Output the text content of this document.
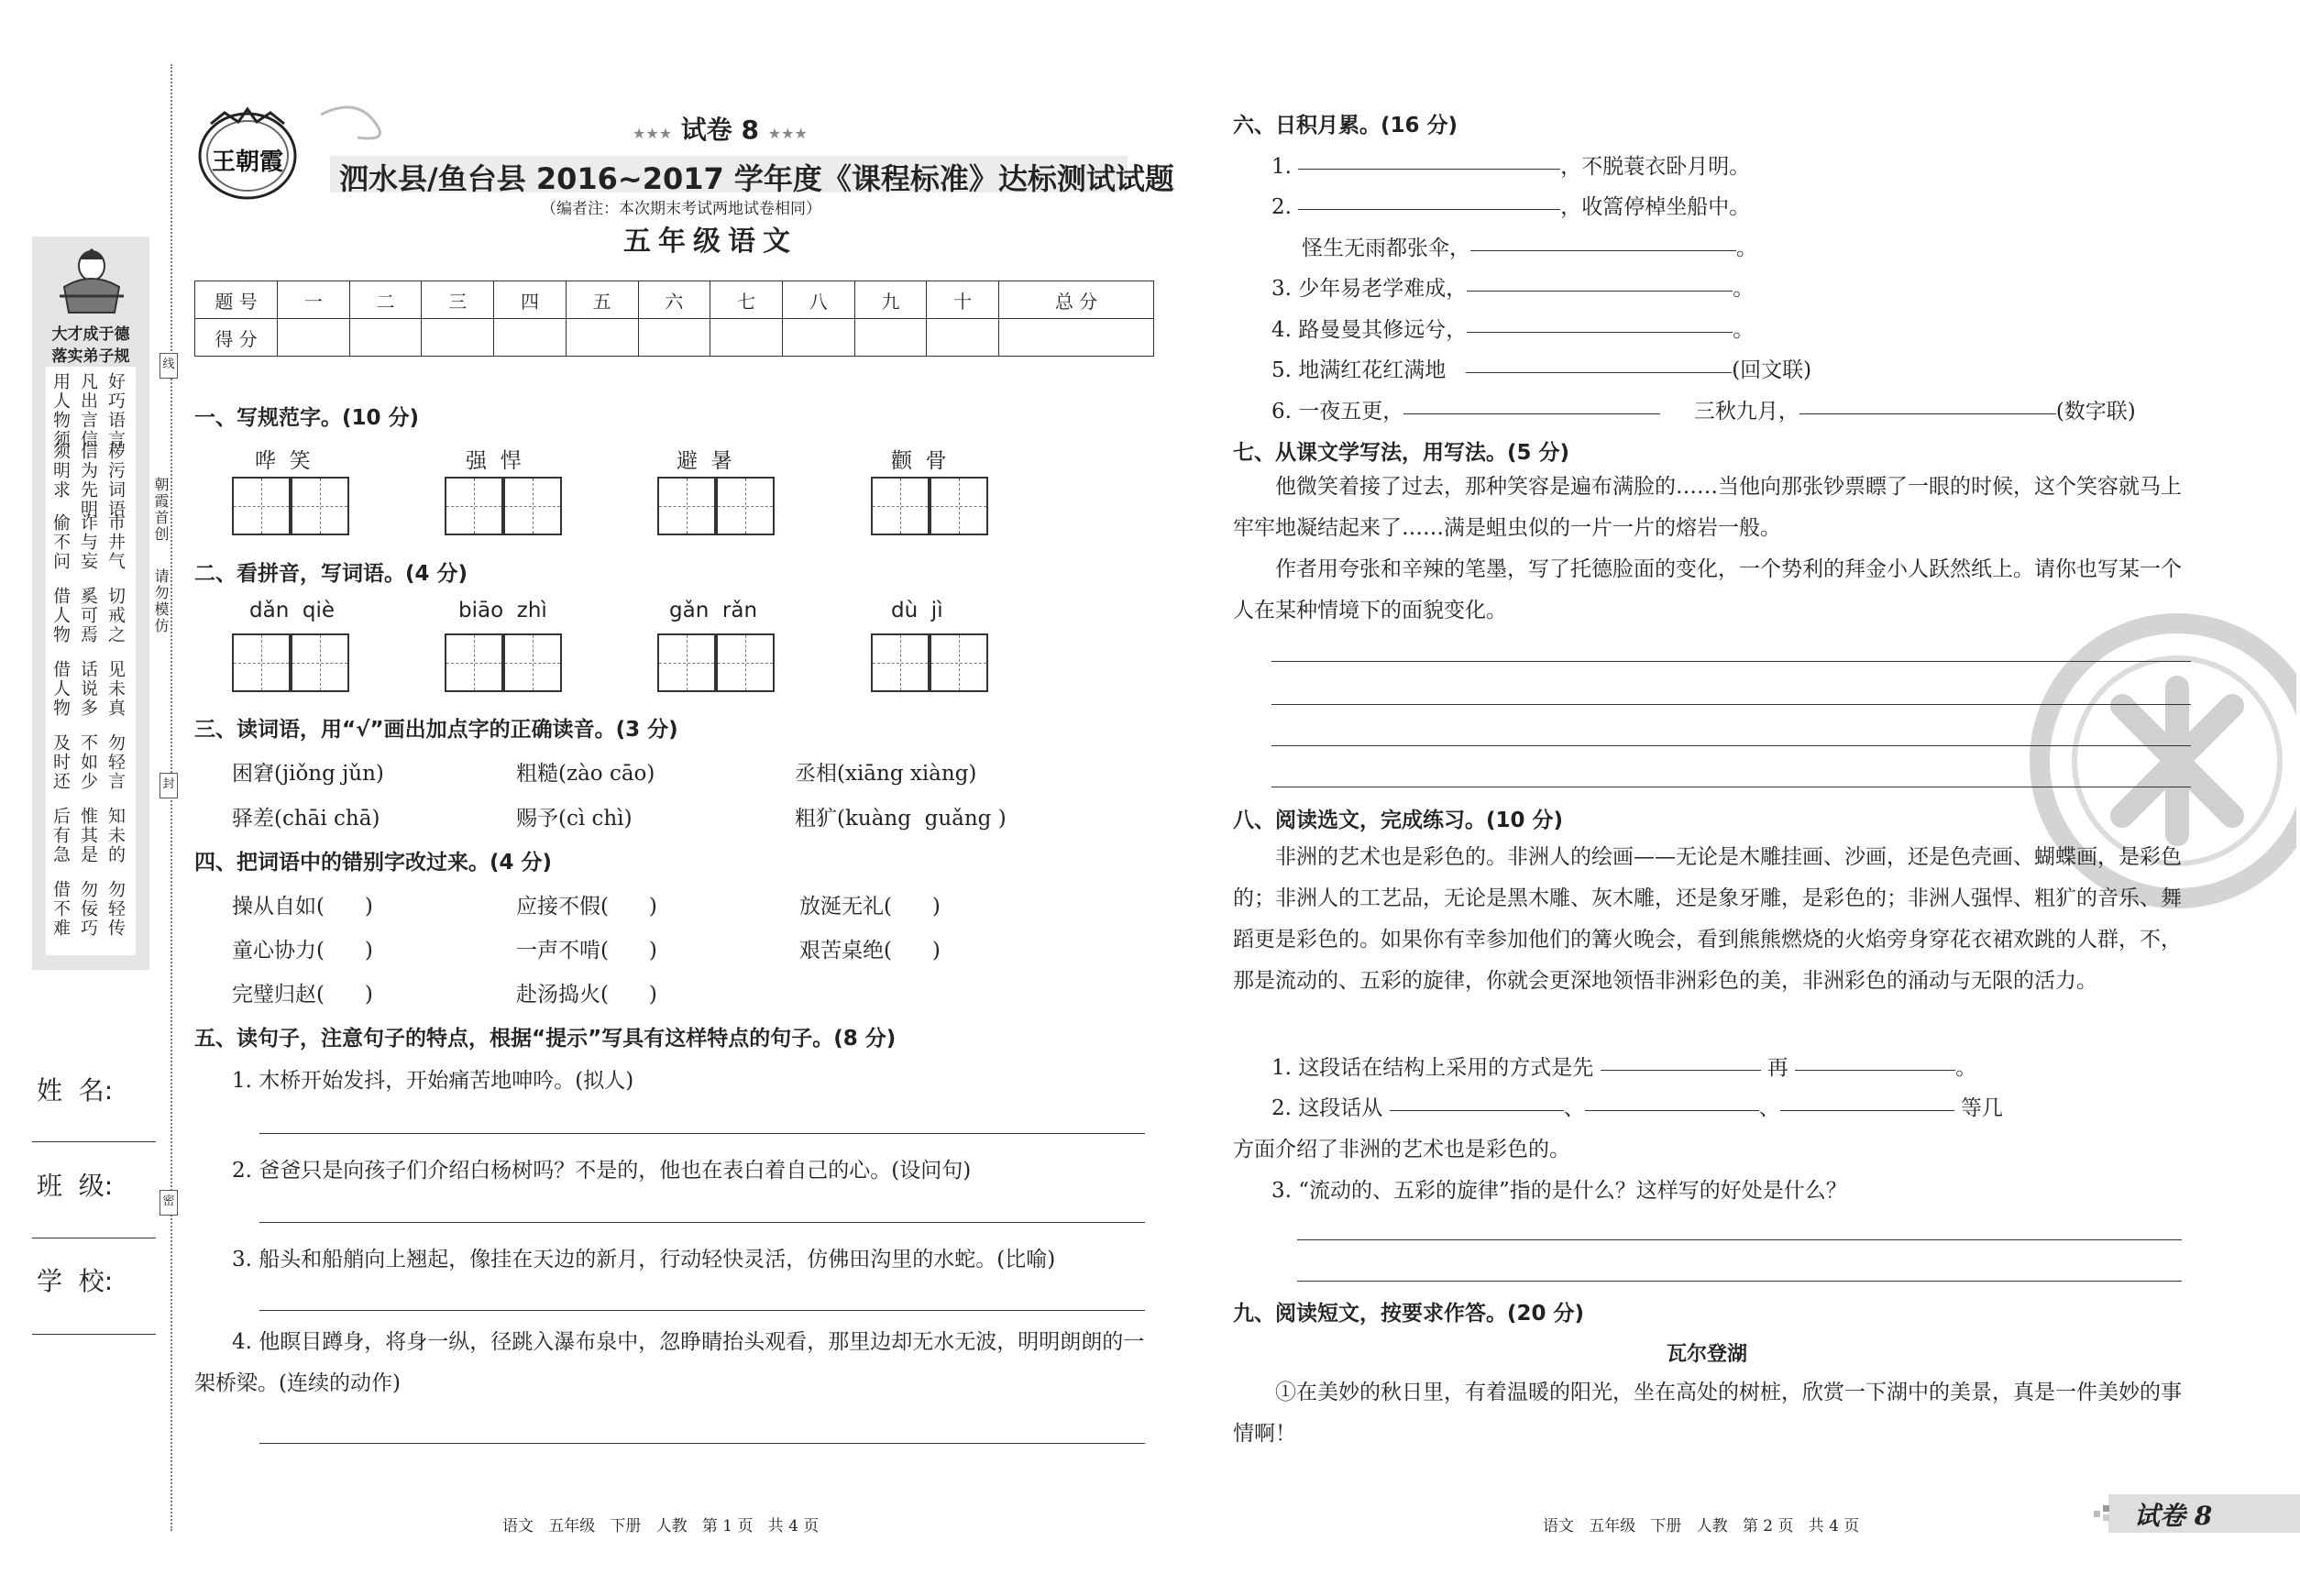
大才成于德
落实弟子规
用人物须 凡出言信 好巧语言
须明求 信为先明 秽污词语
偷不问 诈与妄 市井气
借人物 奚可焉 切戒之
借人物 话说多 见未真
及时还 不如少 勿轻言
后有急 惟其是 知未的
借不难 勿佞巧 勿轻传
朝霞首创
请勿模仿
线
封
密
姓  名:
班  级:
学  校:
王朝霞
★★★ 试卷 8 ★★★
泗水县/鱼台县 2016~2017 学年度《课程标准》达标测试试题
（编者注：本次期末考试两地试卷相同）
五年级语文
题 号	一	二	三	四	五	六	七	八	九	十	总 分
得 分											
一、写规范字。(10 分)
哗  笑	强  悍	避  暑	颧  骨
二、看拼音，写词语。(4 分)
dǎn  qiè	biāo  zhì	gǎn  rǎn	dù  jì
三、读词语，用“√”画出加点字的正确读音。(3 分)
困窘(jiǒng jǔn)	粗糙(zào cāo)	丞相(xiāng xiàng)
驿差(chāi chā)	赐予(cì chì)	粗犷(kuàng  guǎng )
四、把词语中的错别字改过来。(4 分)
操从自如(      )	应接不假(      )	放涎无礼(      )
童心协力(      )	一声不啃(      )	艰苦桌绝(      )
完璧归赵(      )	赴汤捣火(      )
五、读句子，注意句子的特点，根据“提示”写具有这样特点的句子。(8 分)
1. 木桥开始发抖，开始痛苦地呻吟。(拟人)
2. 爸爸只是向孩子们介绍白杨树吗？不是的，他也在表白着自己的心。(设问句)
3. 船头和船艄向上翘起，像挂在天边的新月，行动轻快灵活，仿佛田沟里的水蛇。(比喻)
4. 他瞑目蹲身，将身一纵，径跳入瀑布泉中，忽睁睛抬头观看，那里边却无水无波，明明朗朗的一架桥梁。(连续的动作)
语文   五年级   下册   人教   第 1 页   共 4 页
六、日积月累。(16 分)
1.	，不脱蓑衣卧月明。
2.	，收篙停棹坐船中。
怪生无雨都张伞，	。
3. 少年易老学难成，	。
4. 路曼曼其修远兮，	。
5. 地满红花红满地	(回文联)
6. 一夜五更，	三秋九月，	(数字联)
七、从课文学写法，用写法。(5 分)
他微笑着接了过去，那种笑容是遍布满脸的……当他向那张钞票瞟了一眼的时候，这个笑容就马上牢牢地凝结起来了……满是蛆虫似的一片一片的熔岩一般。
作者用夸张和辛辣的笔墨，写了托德脸面的变化，一个势利的拜金小人跃然纸上。请你也写某一个人在某种情境下的面貌变化。
八、阅读选文，完成练习。(10 分)
非洲的艺术也是彩色的。非洲人的绘画——无论是木雕挂画、沙画，还是色壳画、蝴蝶画，是彩色的；非洲人的工艺品，无论是黑木雕、灰木雕，还是象牙雕，是彩色的；非洲人强悍、粗犷的音乐、舞蹈更是彩色的。如果你有幸参加他们的篝火晚会，看到熊熊燃烧的火焰旁身穿花衣裙欢跳的人群，不，那是流动的、五彩的旋律，你就会更深地领悟非洲彩色的美，非洲彩色的涌动与无限的活力。
1. 这段话在结构上采用的方式是先	再	。
2. 这段话从	、	、	等几
方面介绍了非洲的艺术也是彩色的。
3. “流动的、五彩的旋律”指的是什么？这样写的好处是什么？
九、阅读短文，按要求作答。(20 分)
瓦尔登湖
①在美妙的秋日里，有着温暖的阳光，坐在高处的树桩，欣赏一下湖中的美景，真是一件美妙的事情啊！
语文   五年级   下册   人教   第 2 页   共 4 页	试卷 8
